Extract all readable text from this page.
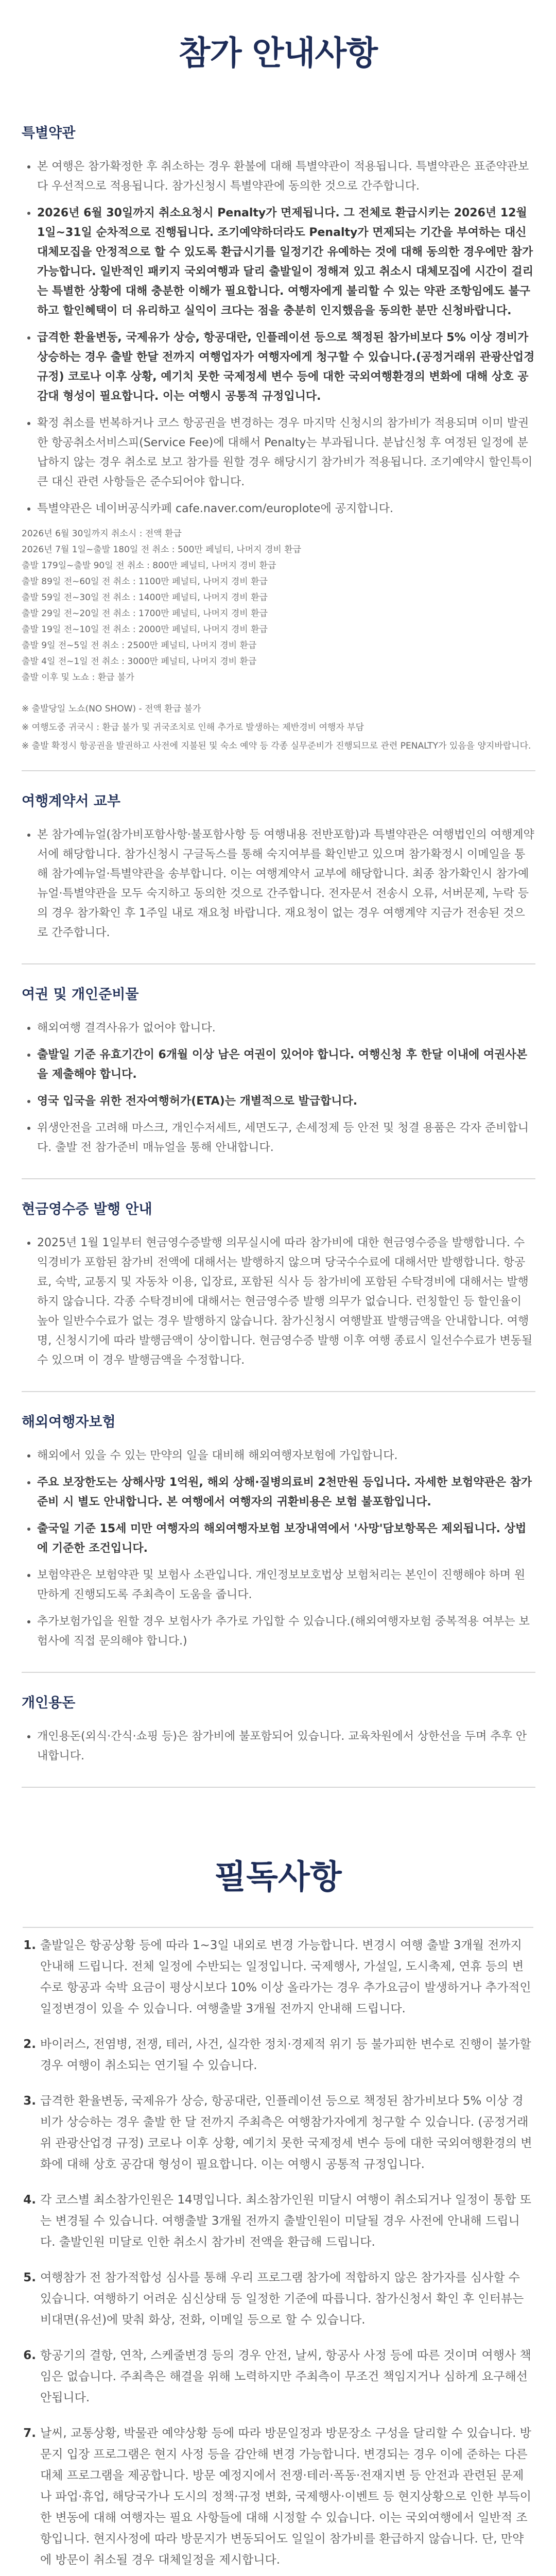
참가 안내사항
특별약관
• 본 여행은 참가확정한 후 취소하는 경우 환불에 대해 특별약관이 적용됩니다. 특별약관은 표준약관보다 우선적으로 적용됩니다. 참가신청시 특별약관에 동의한 것으로 간주합니다.
• 2026년 6월 30일까지 취소요청시 Penalty가 면제됩니다. 그 전체로 환급시키는 2026년 12월 1일~31일 순차적으로 진행됩니다. 조기예약하더라도 Penalty가 면제되는 기간을 부여하는 대신 대체모집을 안정적으로 할 수 있도록 환급시기를 일정기간 유예하는 것에 대해 동의한 경우에만 참가가능합니다. 일반적인 패키지 국외여행과 달리 출발일이 정해져 있고 취소시 대체모집에 시간이 걸리는 특별한 상황에 대해 충분한 이해가 필요합니다. 여행자에게 불리할 수 있는 약관 조항임에도 불구하고 할인혜택이 더 유리하고 실익이 크다는 점을 충분히 인지했음을 동의한 분만 신청바랍니다.
• 급격한 환율변동, 국제유가 상승, 항공대란, 인플레이션 등으로 책정된 참가비보다 5% 이상 경비가 상승하는 경우 출발 한달 전까지 여행업자가 여행자에게 청구할 수 있습니다.(공정거래위 관광산업경 규정) 코로나 이후 상황, 예기치 못한 국제정세 변수 등에 대한 국외여행환경의 변화에 대해 상호 공감대 형성이 필요합니다. 이는 여행시 공통적 규정입니다.
• 확정 취소를 번복하거나 코스 항공권을 변경하는 경우 마지막 신청시의 참가비가 적용되며 이미 발권한 항공취소서비스피(Service Fee)에 대해서 Penalty는 부과됩니다. 분납신청 후 여정된 일정에 분납하지 않는 경우 취소로 보고 참가를 원할 경우 해당시기 참가비가 적용됩니다. 조기예약시 할인특이 큰 대신 관련 사항들은 준수되어야 합니다.
• 특별약관은 네이버공식카페 cafe.naver.com/europlote에 공지합니다.
2026년 6월 30일까지 취소시 : 전액 환급
2026년 7월 1일~출발 180일 전 취소 : 500만 페널티, 나머지 경비 환급
출발 179일~출발 90일 전 취소 : 800만 페널티, 나머지 경비 환급
출발 89일 전~60일 전 취소 : 1100만 페널티, 나머지 경비 환급
출발 59일 전~30일 전 취소 : 1400만 페널티, 나머지 경비 환급
출발 29일 전~20일 전 취소 : 1700만 페널티, 나머지 경비 환급
출발 19일 전~10일 전 취소 : 2000만 페널티, 나머지 경비 환급
출발 9일 전~5일 전 취소 : 2500만 페널티, 나머지 경비 환급
출발 4일 전~1일 전 취소 : 3000만 페널티, 나머지 경비 환급
출발 이후 및 노쇼 : 환급 불가
※ 출발당일 노쇼(NO SHOW) - 전액 환급 불가
※ 여행도중 귀국시 : 환급 불가 및 귀국조치로 인해 추가로 발생하는 제반경비 여행자 부담
※ 출발 확정시 항공권을 발권하고 사전에 지불된 및 숙소 예약 등 각종 실무준비가 진행되므로 관련 PENALTY가 있음을 양지바랍니다.
여행계약서 교부
• 본 참가예뉴얼(참가비포함사항·불포함사항 등 여행내용 전반포함)과 특별약관은 여행법인의 여행계약서에 해당합니다. 참가신청시 구글독스를 통해 숙지여부를 확인받고 있으며 참가확정시 이메일을 통해 참가예뉴얼·특별약관을 송부합니다. 이는 여행계약서 교부에 해당합니다. 최종 참가확인시 참가예뉴얼·특별약관을 모두 숙지하고 동의한 것으로 간주합니다. 전자문서 전송시 오류, 서버문제, 누락 등의 경우 참가확인 후 1주일 내로 재요청 바랍니다. 재요청이 없는 경우 여행계약 지금가 전송된 것으로 간주합니다.
여권 및 개인준비물
• 해외여행 결격사유가 없어야 합니다.
• 출발일 기준 유효기간이 6개월 이상 남은 여권이 있어야 합니다. 여행신청 후 한달 이내에 여권사본을 제출해야 합니다.
• 영국 입국을 위한 전자여행허가(ETA)는 개별적으로 발급합니다.
• 위생안전을 고려해 마스크, 개인수저세트, 세면도구, 손세정제 등 안전 및 청결 용품은 각자 준비합니다. 출발 전 참가준비 매뉴얼을 통해 안내합니다.
현금영수증 발행 안내
• 2025년 1월 1일부터 현금영수증발행 의무실시에 따라 참가비에 대한 현금영수증을 발행합니다. 수익경비가 포함된 참가비 전액에 대해서는 발행하지 않으며 당국수수료에 대해서만 발행합니다. 항공료, 숙박, 교통지 및 자동차 이용, 입장료, 포함된 식사 등 참가비에 포함된 수탁경비에 대해서는 발행하지 않습니다. 각종 수탁경비에 대해서는 현금영수증 발행 의무가 없습니다. 런칭할인 등 할인율이 높아 일반수수료가 없는 경우 발행하지 않습니다. 참가신청시 여행발표 발행금액을 안내합니다. 여행명, 신청시기에 따라 발행금액이 상이합니다. 현금영수증 발행 이후 여행 종료시 일선수수료가 변동될 수 있으며 이 경우 발행금액을 수정합니다.
해외여행자보험
• 해외에서 있을 수 있는 만약의 일을 대비해 해외여행자보험에 가입합니다.
• 주요 보장한도는 상해사망 1억원, 해외 상해·질병의료비 2천만원 등입니다. 자세한 보험약관은 참가준비 시 별도 안내합니다. 본 여행에서 여행자의 귀환비용은 보험 불포함입니다.
• 출국일 기준 15세 미만 여행자의 해외여행자보험 보장내역에서 '사망'담보항목은 제외됩니다. 상법에 기준한 조건입니다.
• 보험약관은 보험약관 및 보험사 소관입니다. 개인정보보호법상 보험처리는 본인이 진행해야 하며 원만하게 진행되도록 주최측이 도움을 줍니다.
• 추가보험가입을 원할 경우 보험사가 추가로 가입할 수 있습니다.(해외여행자보험 중복적용 여부는 보험사에 직접 문의해야 합니다.)
개인용돈
• 개인용돈(외식·간식·쇼핑 등)은 참가비에 불포함되어 있습니다. 교육차원에서 상한선을 두며 추후 안내합니다.
필독사항
1. 출발일은 항공상황 등에 따라 1~3일 내외로 변경 가능합니다. 변경시 여행 출발 3개월 전까지 안내해 드립니다. 전체 일정에 수반되는 일정입니다. 국제행사, 가설일, 도시축제, 연휴 등의 변수로 항공과 숙박 요금이 평상시보다 10% 이상 올라가는 경우 추가요금이 발생하거나 추가적인 일정변경이 있을 수 있습니다. 여행출발 3개월 전까지 안내해 드립니다.
2. 바이러스, 전염병, 전쟁, 테러, 사건, 실각한 정치·경제적 위기 등 불가피한 변수로 진행이 불가할 경우 여행이 취소되는 연기될 수 있습니다.
3. 급격한 환율변동, 국제유가 상승, 항공대란, 인플레이션 등으로 책정된 참가비보다 5% 이상 경비가 상승하는 경우 출발 한 달 전까지 주최측은 여행참가자에게 청구할 수 있습니다. (공정거래위 관광산업경 규정) 코로나 이후 상황, 예기치 못한 국제정세 변수 등에 대한 국외여행환경의 변화에 대해 상호 공감대 형성이 필요합니다. 이는 여행시 공통적 규정입니다.
4. 각 코스별 최소참가인원은 14명입니다. 최소참가인원 미달시 여행이 취소되거나 일정이 통합 또는 변경될 수 있습니다. 여행출발 3개월 전까지 출발인원이 미달될 경우 사전에 안내해 드립니다. 출발인원 미달로 인한 취소시 참가비 전액을 환급해 드립니다.
5. 여행참가 전 참가적합성 심사를 통해 우리 프로그램 참가에 적합하지 않은 참가자를 심사할 수 있습니다. 여행하기 어려운 심신상태 등 일정한 기준에 따릅니다. 참가신청서 확인 후 인터뷰는 비대면(유선)에 맞춰 화상, 전화, 이메일 등으로 할 수 있습니다.
6. 항공기의 결항, 연착, 스케줄변경 등의 경우 안전, 날씨, 항공사 사정 등에 따른 것이며 여행사 책임은 없습니다. 주최측은 해결을 위해 노력하지만 주최측이 무조건 책임지거나 심하게 요구해선 안됩니다.
7. 날씨, 교통상황, 박물관 예약상황 등에 따라 방문일정과 방문장소 구성을 달리할 수 있습니다. 방문지 입장 프로그램은 현지 사정 등을 감안해 변경 가능합니다. 변경되는 경우 이에 준하는 다른 대체 프로그램을 제공합니다. 방문 예정지에서 전쟁·테러·폭동·전재지변 등 안전과 관련된 문제나 파업·휴업, 해당국가나 도시의 정책·규정 변화, 국제행사·이벤트 등 현지상황으로 인한 부득이한 변동에 대해 여행자는 필요 사항들에 대해 시정할 수 있습니다. 이는 국외여행에서 일반적 조항입니다. 현지사정에 따라 방문지가 변동되어도 일일이 참가비를 환급하지 않습니다. 단, 만약에 방문이 취소될 경우 대체일정을 제시합니다.
